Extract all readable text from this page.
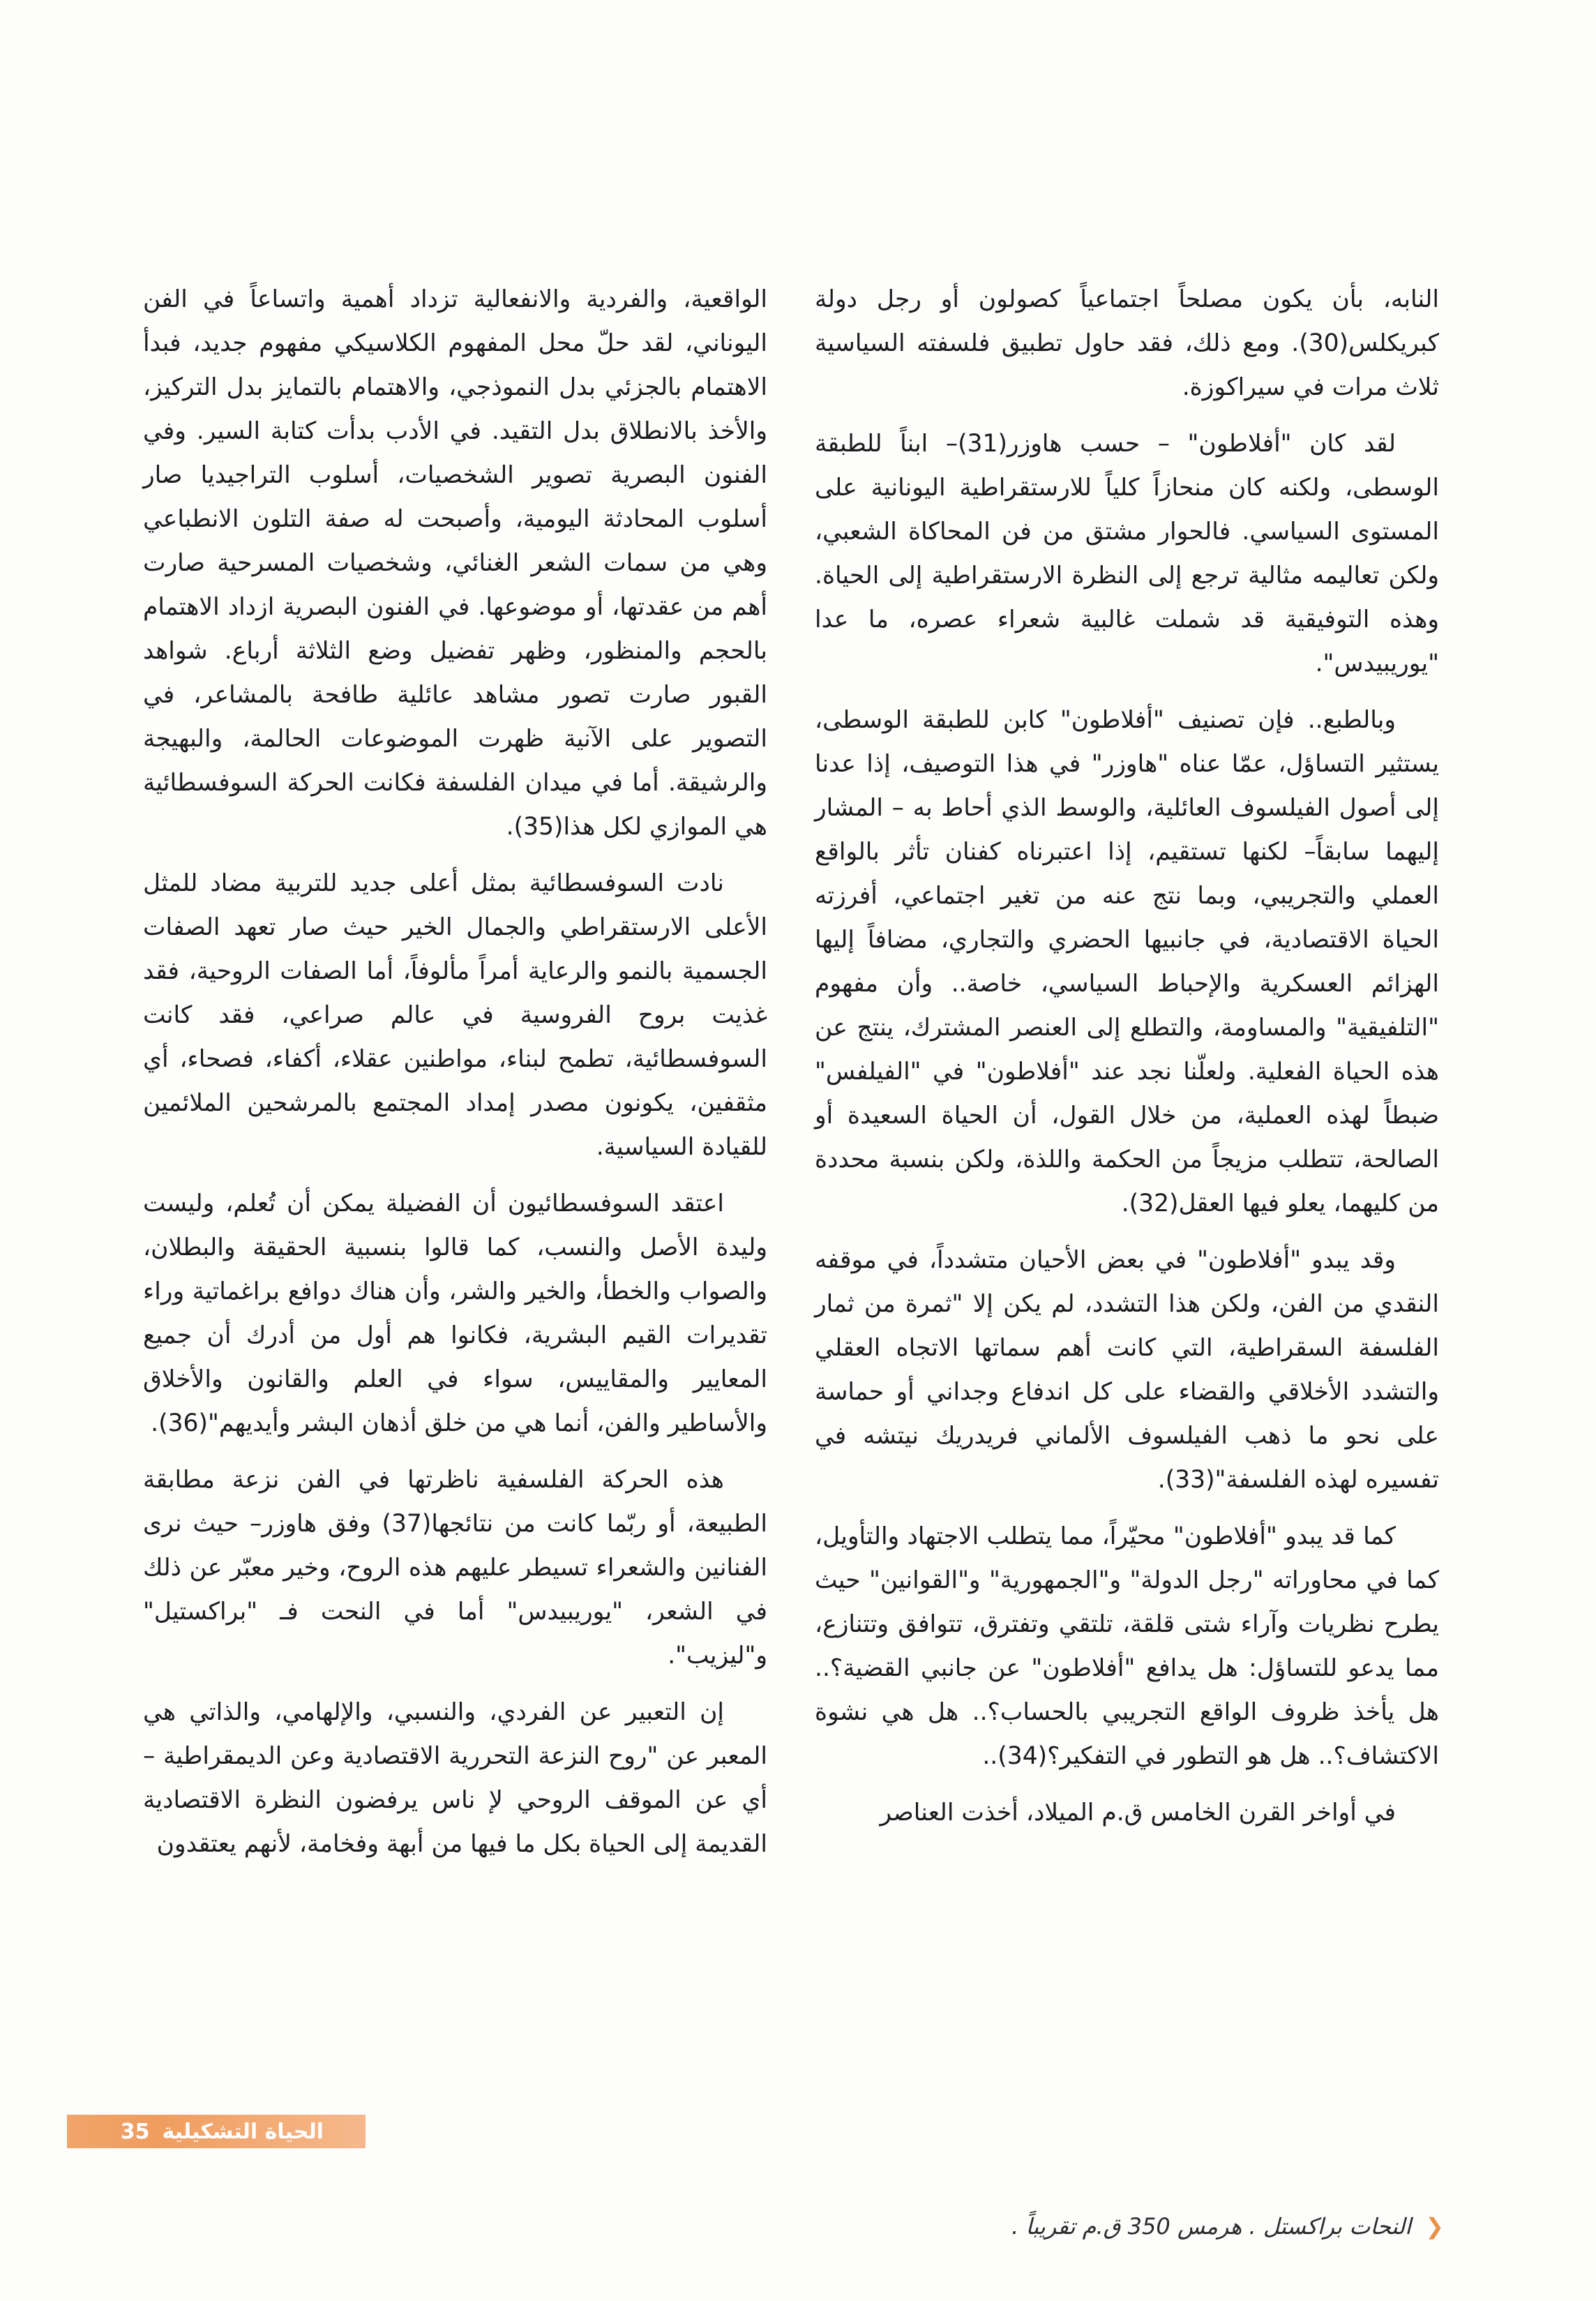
النابه، بأن يكون مصلحاً اجتماعياً كصولون أو رجل دولة كبريكلس(30). ومع ذلك، فقد حاول تطبيق فلسفته السياسية ثلاث مرات في سيراكوزة.

لقد كان "أفلاطون" – حسب هاوزر(31)– ابناً للطبقة الوسطى، ولكنه كان منحازاً كلياً للارستقراطية اليونانية على المستوى السياسي. فالحوار مشتق من فن المحاكاة الشعبي، ولكن تعاليمه مثالية ترجع إلى النظرة الارستقراطية إلى الحياة. وهذه التوفيقية قد شملت غالبية شعراء عصره، ما عدا "يوريبيدس".

وبالطبع.. فإن تصنيف "أفلاطون" كابن للطبقة الوسطى، يستثير التساؤل، عمّا عناه "هاوزر" في هذا التوصيف، إذا عدنا إلى أصول الفيلسوف العائلية، والوسط الذي أحاط به – المشار إليهما سابقاً– لكنها تستقيم، إذا اعتبرناه كفنان تأثر بالواقع العملي والتجريبي، وبما نتج عنه من تغير اجتماعي، أفرزته الحياة الاقتصادية، في جانبيها الحضري والتجاري، مضافاً إليها الهزائم العسكرية والإحباط السياسي، خاصة.. وأن مفهوم "التلفيقية" والمساومة، والتطلع إلى العنصر المشترك، ينتج عن هذه الحياة الفعلية. ولعلّنا نجد عند "أفلاطون" في "الفيلفس" ضبطاً لهذه العملية، من خلال القول، أن الحياة السعيدة أو الصالحة، تتطلب مزيجاً من الحكمة واللذة، ولكن بنسبة محددة من كليهما، يعلو فيها العقل(32).

وقد يبدو "أفلاطون" في بعض الأحيان متشدداً، في موقفه النقدي من الفن، ولكن هذا التشدد، لم يكن إلا "ثمرة من ثمار الفلسفة السقراطية، التي كانت أهم سماتها الاتجاه العقلي والتشدد الأخلاقي والقضاء على كل اندفاع وجداني أو حماسة على نحو ما ذهب الفيلسوف الألماني فريدريك نيتشه في تفسيره لهذه الفلسفة"(33).

كما قد يبدو "أفلاطون" محيّراً، مما يتطلب الاجتهاد والتأويل، كما في محاوراته "رجل الدولة" و"الجمهورية" و"القوانين" حيث يطرح نظريات وآراء شتى قلقة، تلتقي وتفترق، تتوافق وتتنازع، مما يدعو للتساؤل: هل يدافع "أفلاطون" عن جانبي القضية؟.. هل يأخذ ظروف الواقع التجريبي بالحساب؟.. هل هي نشوة الاكتشاف؟.. هل هو التطور في التفكير؟(34)..

في أواخر القرن الخامس ق.م الميلاد، أخذت العناصر

الواقعية، والفردية والانفعالية تزداد أهمية واتساعاً في الفن اليوناني، لقد حلّ محل المفهوم الكلاسيكي مفهوم جديد، فبدأ الاهتمام بالجزئي بدل النموذجي، والاهتمام بالتمايز بدل التركيز، والأخذ بالانطلاق بدل التقيد. في الأدب بدأت كتابة السير. وفي الفنون البصرية تصوير الشخصيات، أسلوب التراجيديا صار أسلوب المحادثة اليومية، وأصبحت له صفة التلون الانطباعي وهي من سمات الشعر الغنائي، وشخصيات المسرحية صارت أهم من عقدتها، أو موضوعها. في الفنون البصرية ازداد الاهتمام بالحجم والمنظور، وظهر تفضيل وضع الثلاثة أرباع. شواهد القبور صارت تصور مشاهد عائلية طافحة بالمشاعر، في التصوير على الآنية ظهرت الموضوعات الحالمة، والبهيجة والرشيقة. أما في ميدان الفلسفة فكانت الحركة السوفسطائية هي الموازي لكل هذا(35).

نادت السوفسطائية بمثل أعلى جديد للتربية مضاد للمثل الأعلى الارستقراطي والجمال الخير حيث صار تعهد الصفات الجسمية بالنمو والرعاية أمراً مألوفاً، أما الصفات الروحية، فقد غذيت بروح الفروسية في عالم صراعي، فقد كانت السوفسطائية، تطمح لبناء، مواطنين عقلاء، أكفاء، فصحاء، أي مثقفين، يكونون مصدر إمداد المجتمع بالمرشحين الملائمين للقيادة السياسية.

اعتقد السوفسطائيون أن الفضيلة يمكن أن تُعلم، وليست وليدة الأصل والنسب، كما قالوا بنسبية الحقيقة والبطلان، والصواب والخطأ، والخير والشر، وأن هناك دوافع براغماتية وراء تقديرات القيم البشرية، فكانوا هم أول من أدرك أن جميع المعايير والمقاييس، سواء في العلم والقانون والأخلاق والأساطير والفن، أنما هي من خلق أذهان البشر وأيديهم"(36).

هذه الحركة الفلسفية ناظرتها في الفن نزعة مطابقة الطبيعة، أو ربّما كانت من نتائجها(37) وفق هاوزر– حيث نرى الفنانين والشعراء تسيطر عليهم هذه الروح، وخير معبّر عن ذلك في الشعر، "يوريبيدس" أما في النحت فـ "براكستيل" و"ليزيب".

إن التعبير عن الفردي، والنسبي، والإلهامي، والذاتي هي المعبر عن "روح النزعة التحررية الاقتصادية وعن الديمقراطية – أي عن الموقف الروحي لإ ناس يرفضون النظرة الاقتصادية القديمة إلى الحياة بكل ما فيها من أبهة وفخامة، لأنهم يعتقدون

❮ النحات براكستل . هرمس 350 ق.م تقريباً .
الحياة التشكيلية
35
